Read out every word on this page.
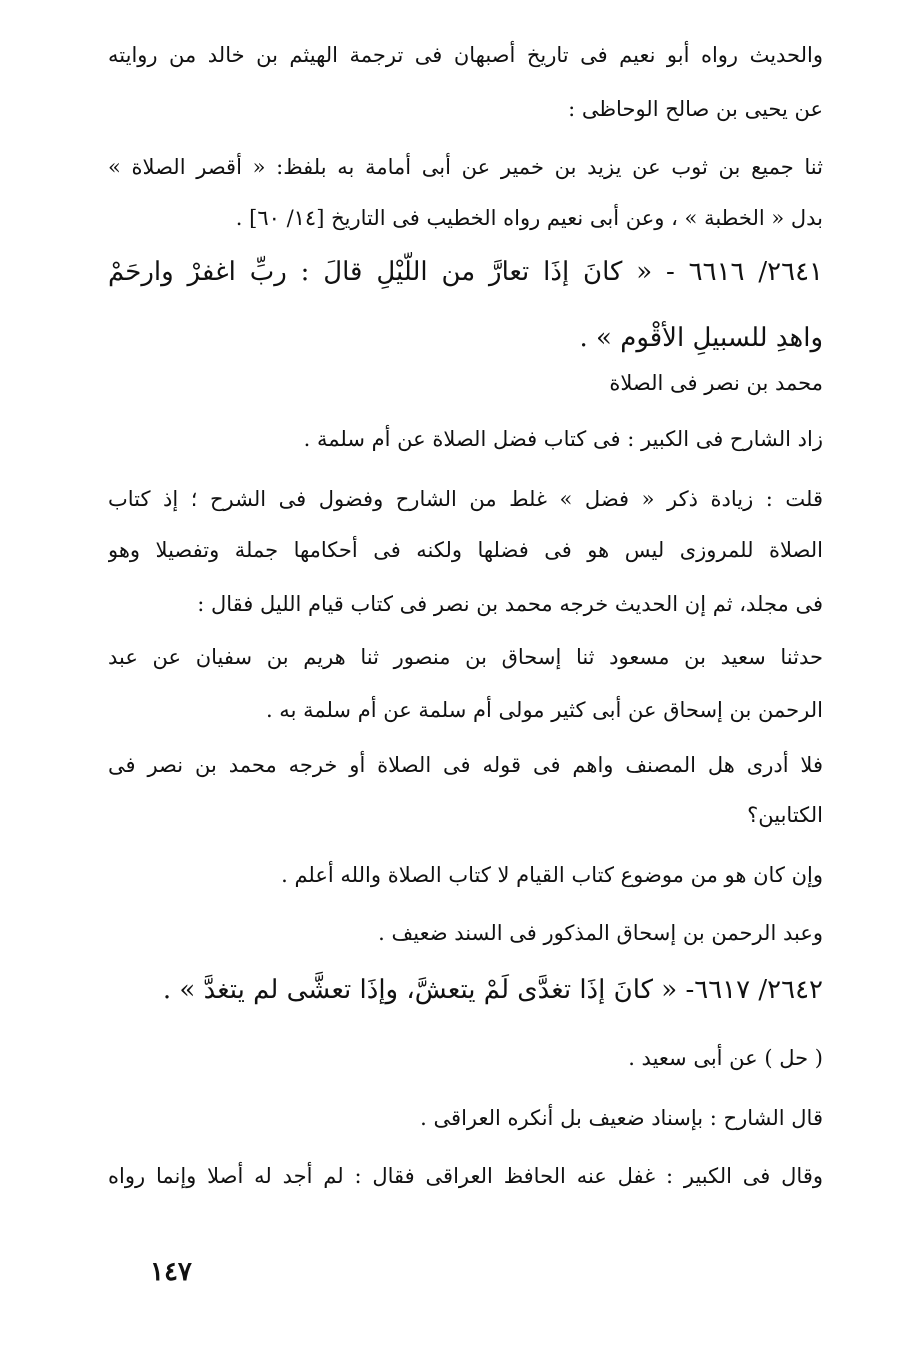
والحديث رواه أبو نعيم فى تاريخ أصبهان فى ترجمة الهيثم بن خالد من روايته
عن يحيى بن صالح الوحاظى :
ثنا جميع بن ثوب عن يزيد بن خمير عن أبى أمامة به بلفظ: « أقصر الصلاة »
بدل « الخطبة » ، وعن أبى نعيم رواه الخطيب فى التاريخ [١٤/ ٦٠] .
٢٦٤١/ ٦٦١٦ - « كانَ إذَا تعارَّ من اللَّيْلِ قالَ : ربِّ اغفرْ وارحَمْ
واهدِ للسبيلِ الأقْوم » .
محمد بن نصر فى الصلاة
زاد الشارح فى الكبير : فى كتاب فضل الصلاة عن أم سلمة .
قلت : زيادة ذكر « فضل » غلط من الشارح وفضول فى الشرح ؛ إذ كتاب
الصلاة للمروزى ليس هو فى فضلها ولكنه فى أحكامها جملة وتفصيلا وهو
فى مجلد، ثم إن الحديث خرجه محمد بن نصر فى كتاب قيام الليل فقال :
حدثنا سعيد بن مسعود ثنا إسحاق بن منصور ثنا هريم بن سفيان عن عبد
الرحمن بن إسحاق عن أبى كثير مولى أم سلمة عن أم سلمة به .
فلا أدرى هل المصنف واهم فى قوله فى الصلاة أو خرجه محمد بن نصر فى
الكتابين؟
وإن كان هو من موضوع كتاب القيام لا كتاب الصلاة والله أعلم .
وعبد الرحمن بن إسحاق المذكور فى السند ضعيف .
٢٦٤٢/ ٦٦١٧- « كانَ إذَا تغدَّى لَمْ يتعشَّ، وإذَا تعشَّى لم يتغدَّ » .
( حل ) عن أبى سعيد .
قال الشارح : بإسناد ضعيف بل أنكره العراقى .
وقال فى الكبير : غفل عنه الحافظ العراقى فقال : لم أجد له أصلا وإنما رواه
١٤٧
